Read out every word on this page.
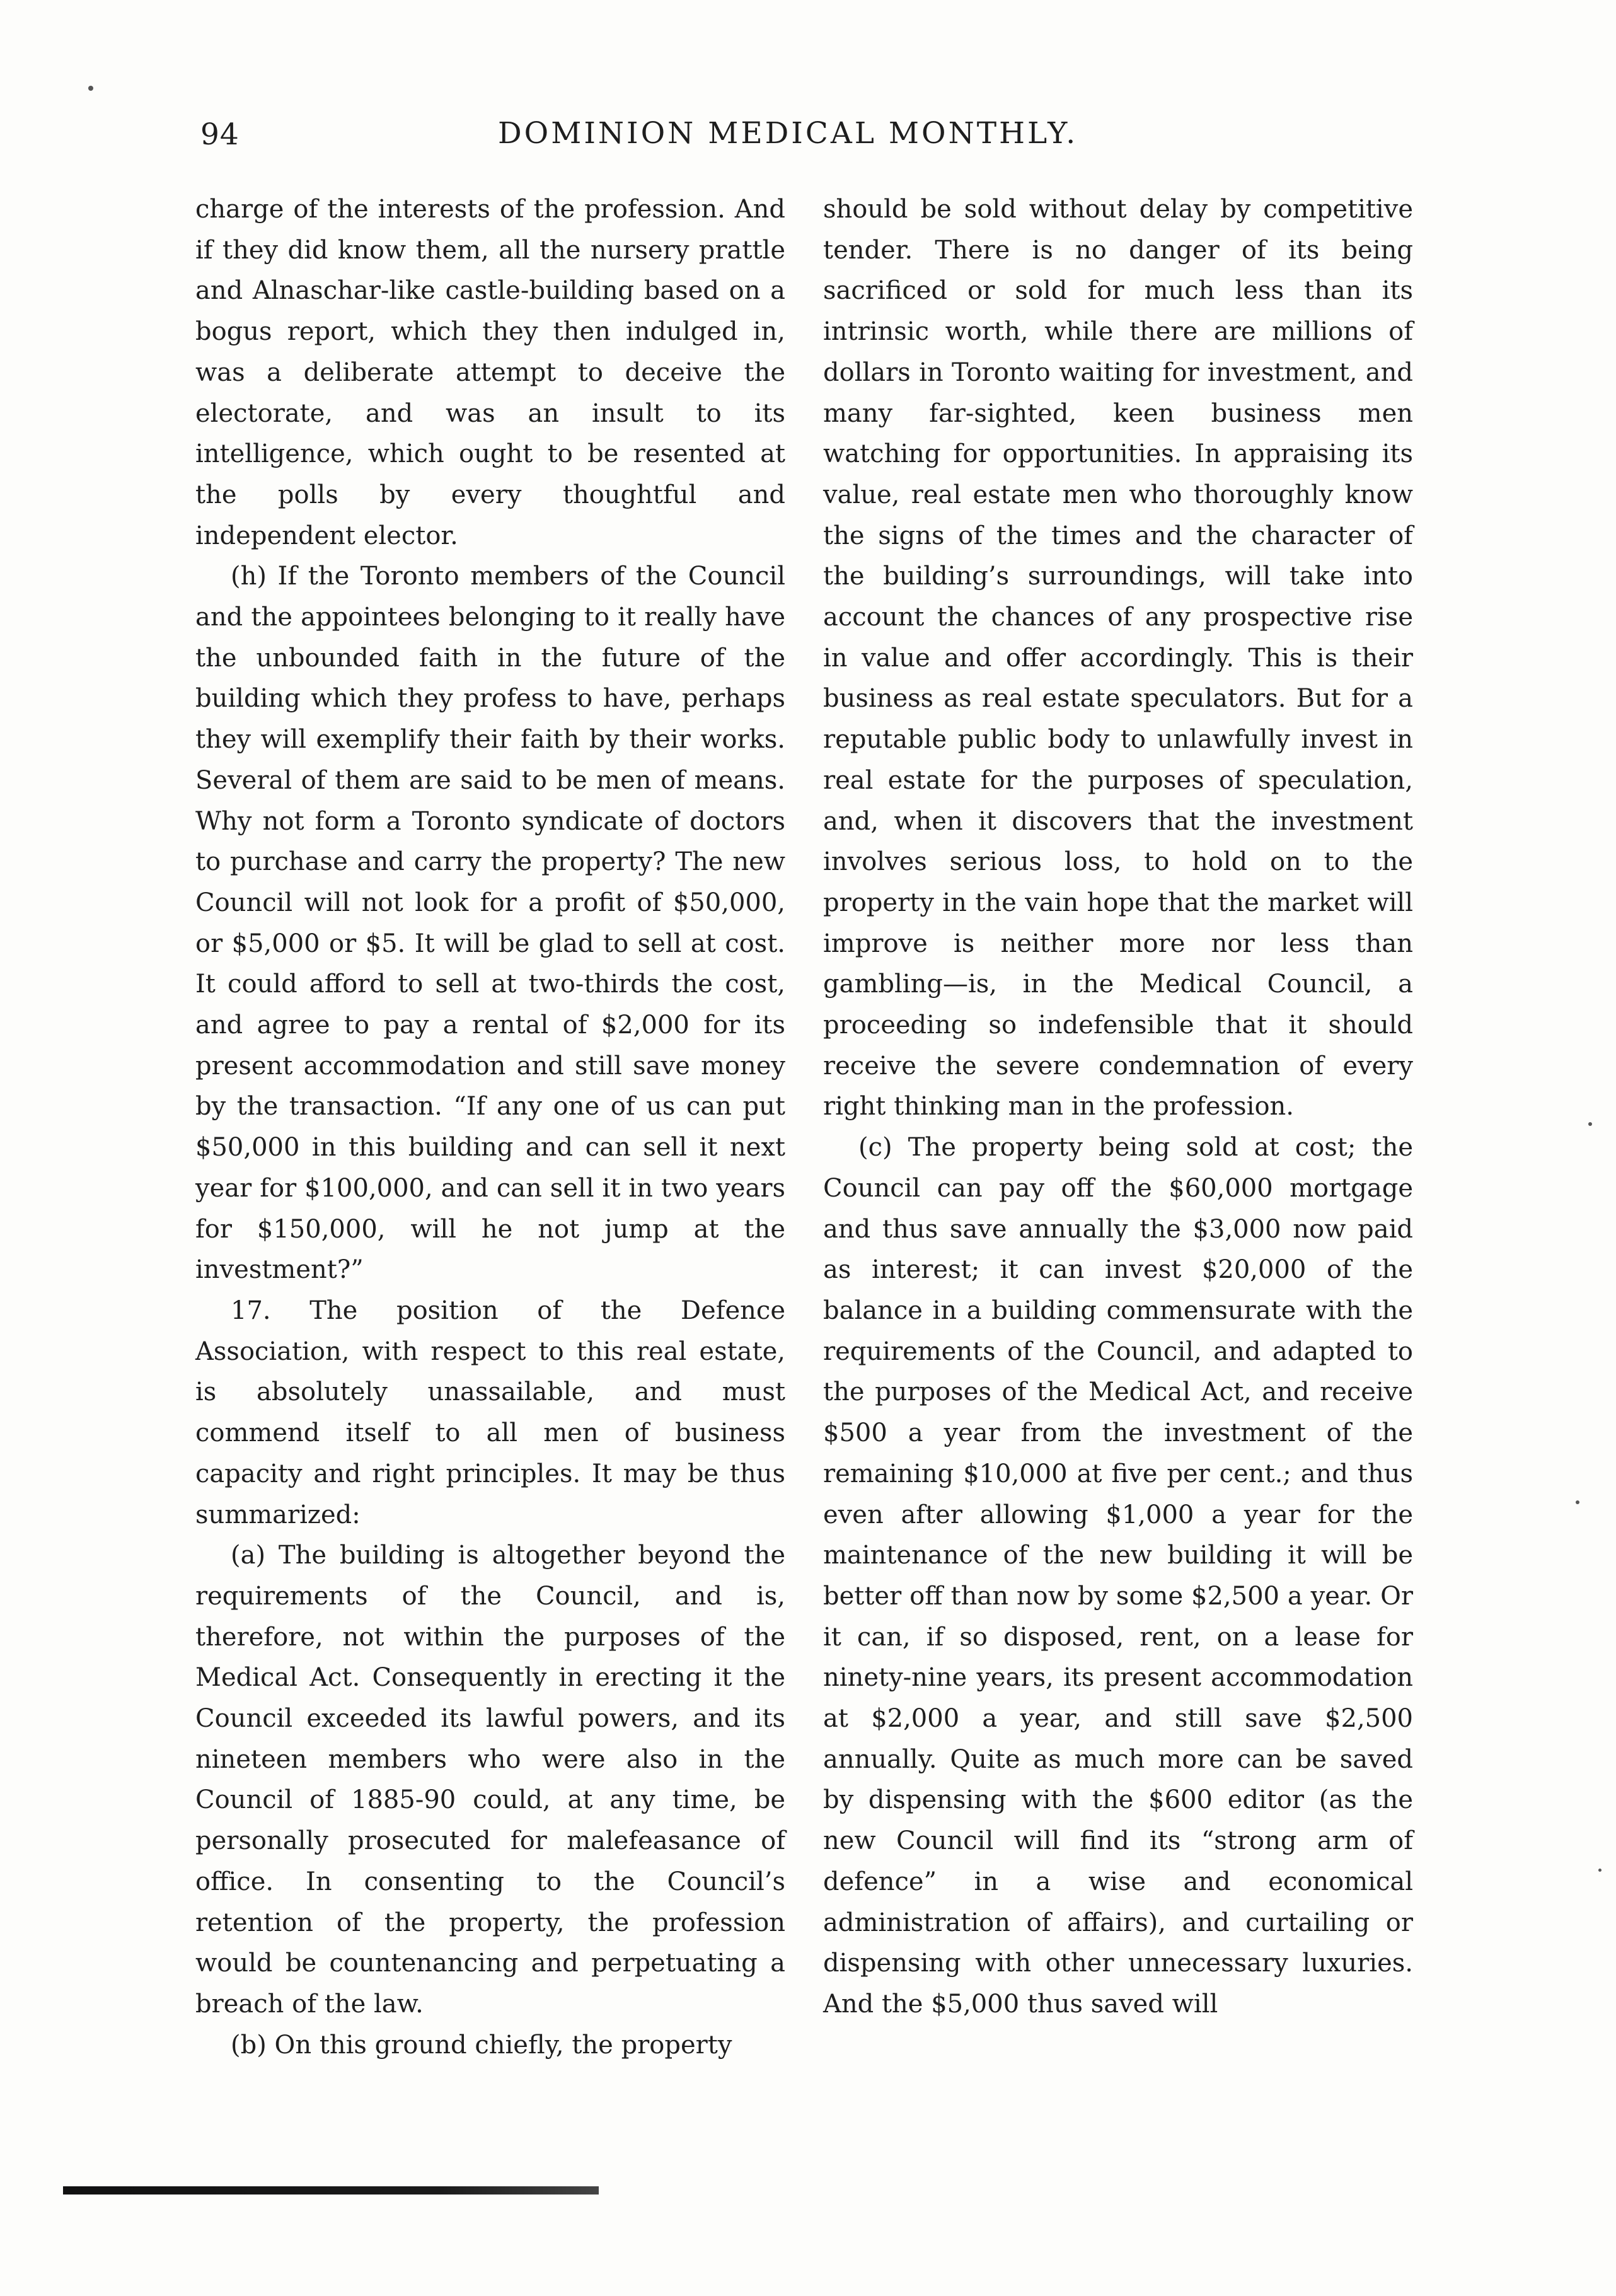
94	DOMINION MEDICAL MONTHLY.

charge of the interests of the profession. And if they did know them, all the nursery prattle and Alnaschar-like castle-building based on a bogus report, which they then indulged in, was a deliberate attempt to deceive the electorate, and was an insult to its intelligence, which ought to be resented at the polls by every thoughtful and independent elector.

(h) If the Toronto members of the Council and the appointees belonging to it really have the unbounded faith in the future of the building which they profess to have, perhaps they will exemplify their faith by their works. Several of them are said to be men of means. Why not form a Toronto syndicate of doctors to purchase and carry the property? The new Council will not look for a profit of $50,000, or $5,000 or $5. It will be glad to sell at cost. It could afford to sell at two-thirds the cost, and agree to pay a rental of $2,000 for its present accommodation and still save money by the transaction. “If any one of us can put $50,000 in this building and can sell it next year for $100,000, and can sell it in two years for $150,000, will he not jump at the investment?”

17. The position of the Defence Association, with respect to this real estate, is absolutely unassailable, and must commend itself to all men of business capacity and right principles. It may be thus summarized:

(a) The building is altogether beyond the requirements of the Council, and is, therefore, not within the purposes of the Medical Act. Consequently in erecting it the Council exceeded its lawful powers, and its nineteen members who were also in the Council of 1885-90 could, at any time, be personally prosecuted for malefeasance of office. In consenting to the Council’s retention of the property, the profession would be countenancing and perpetuating a breach of the law.

(b) On this ground chiefly, the property

should be sold without delay by competitive tender. There is no danger of its being sacrificed or sold for much less than its intrinsic worth, while there are millions of dollars in Toronto waiting for investment, and many far-sighted, keen business men watching for opportunities. In appraising its value, real estate men who thoroughly know the signs of the times and the character of the building’s surroundings, will take into account the chances of any prospective rise in value and offer accordingly. This is their business as real estate speculators. But for a reputable public body to unlawfully invest in real estate for the purposes of speculation, and, when it discovers that the investment involves serious loss, to hold on to the property in the vain hope that the market will improve is neither more nor less than gambling—is, in the Medical Council, a proceeding so indefensible that it should receive the severe condemnation of every right thinking man in the profession.

(c) The property being sold at cost; the Council can pay off the $60,000 mortgage and thus save annually the $3,000 now paid as interest; it can invest $20,000 of the balance in a building commensurate with the requirements of the Council, and adapted to the purposes of the Medical Act, and receive $500 a year from the investment of the remaining $10,000 at five per cent.; and thus even after allowing $1,000 a year for the maintenance of the new building it will be better off than now by some $2,500 a year. Or it can, if so disposed, rent, on a lease for ninety-nine years, its present accommodation at $2,000 a year, and still save $2,500 annually. Quite as much more can be saved by dispensing with the $600 editor (as the new Council will find its “strong arm of defence” in a wise and economical administration of affairs), and curtailing or dispensing with other unnecessary luxuries. And the $5,000 thus saved will
